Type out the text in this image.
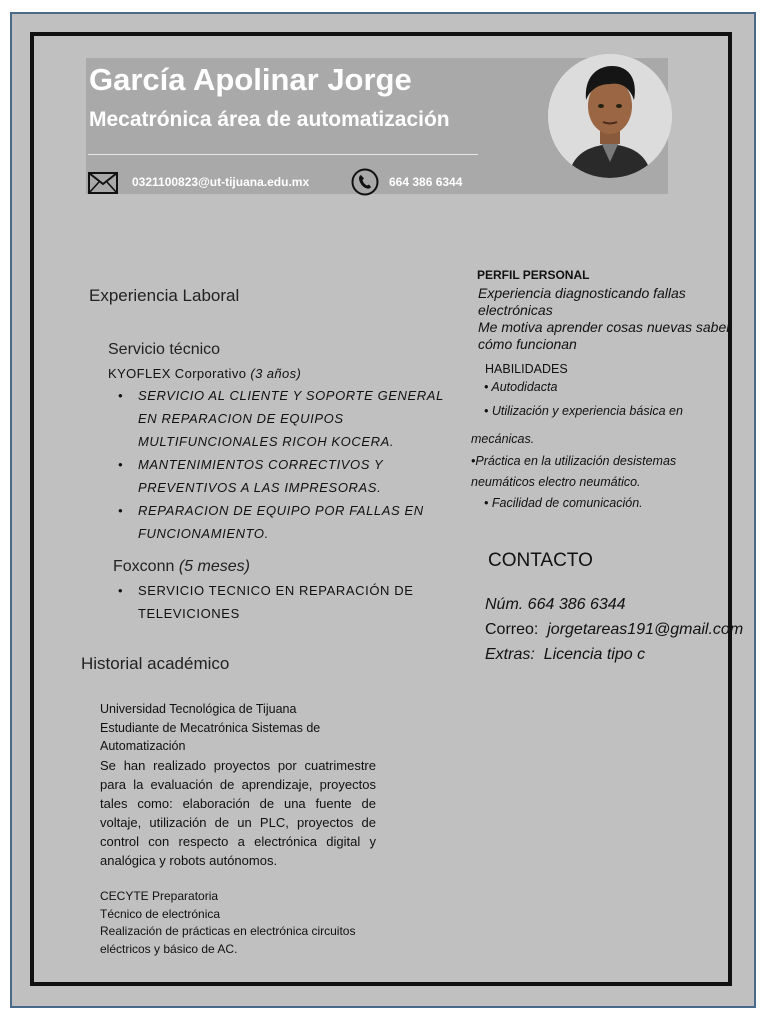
García Apolinar Jorge
Mecatrónica área de automatización
0321100823@ut-tijuana.edu.mx	664 386 6344
Experiencia Laboral
Servicio técnico
KYOFLEX Corporativo (3 años)
• SERVICIO AL CLIENTE Y SOPORTE GENERAL
EN REPARACION DE EQUIPOS
MULTIFUNCIONALES RICOH KOCERA.
• MANTENIMIENTOS CORRECTIVOS Y
PREVENTIVOS A LAS IMPRESORAS.
• REPARACION DE EQUIPO POR FALLAS EN
FUNCIONAMIENTO.
Foxconn (5 meses)
• SERVICIO TECNICO EN REPARACIÓN DE
TELEVICIONES
Historial académico
Universidad Tecnológica de Tijuana
Estudiante de Mecatrónica Sistemas de
Automatización
Se han realizado proyectos por cuatrimestre para la evaluación de aprendizaje, proyectos tales como: elaboración de una fuente de voltaje, utilización de un PLC, proyectos de control con respecto a electrónica digital y analógica y robots autónomos.
CECYTE Preparatoria
Técnico de electrónica
Realización de prácticas en electrónica circuitos
eléctricos y básico de AC.
PERFIL PERSONAL
Experiencia diagnosticando fallas
electrónicas
Me motiva aprender cosas nuevas saber
cómo funcionan
HABILIDADES
• Autodidacta
• Utilización y experiencia básica en
mecánicas.
•Práctica en la utilización desistemas
neumáticos electro neumático.
• Facilidad de comunicación.
CONTACTO
Núm. 664 386 6344
Correo: jorgetareas191@gmail.com
Extras: Licencia tipo c
